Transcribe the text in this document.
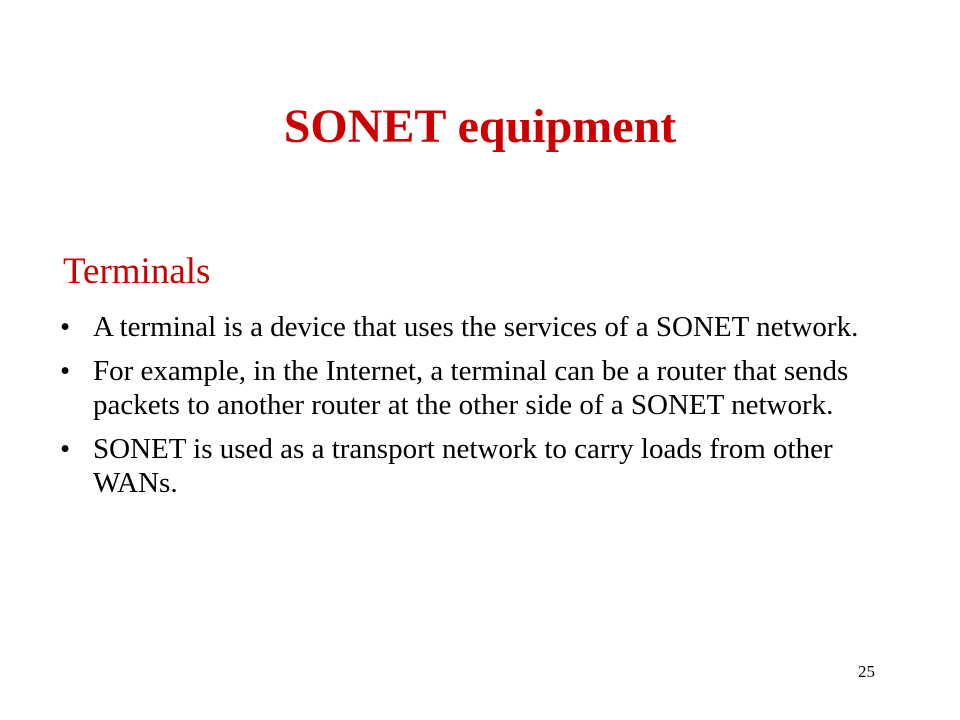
SONET equipment
Terminals
• A terminal is a device that uses the services of a SONET network.
• For example, in the Internet, a terminal can be a router that sends packets to another router at the other side of a SONET network.
• SONET is used as a transport network to carry loads from other WANs.
25
